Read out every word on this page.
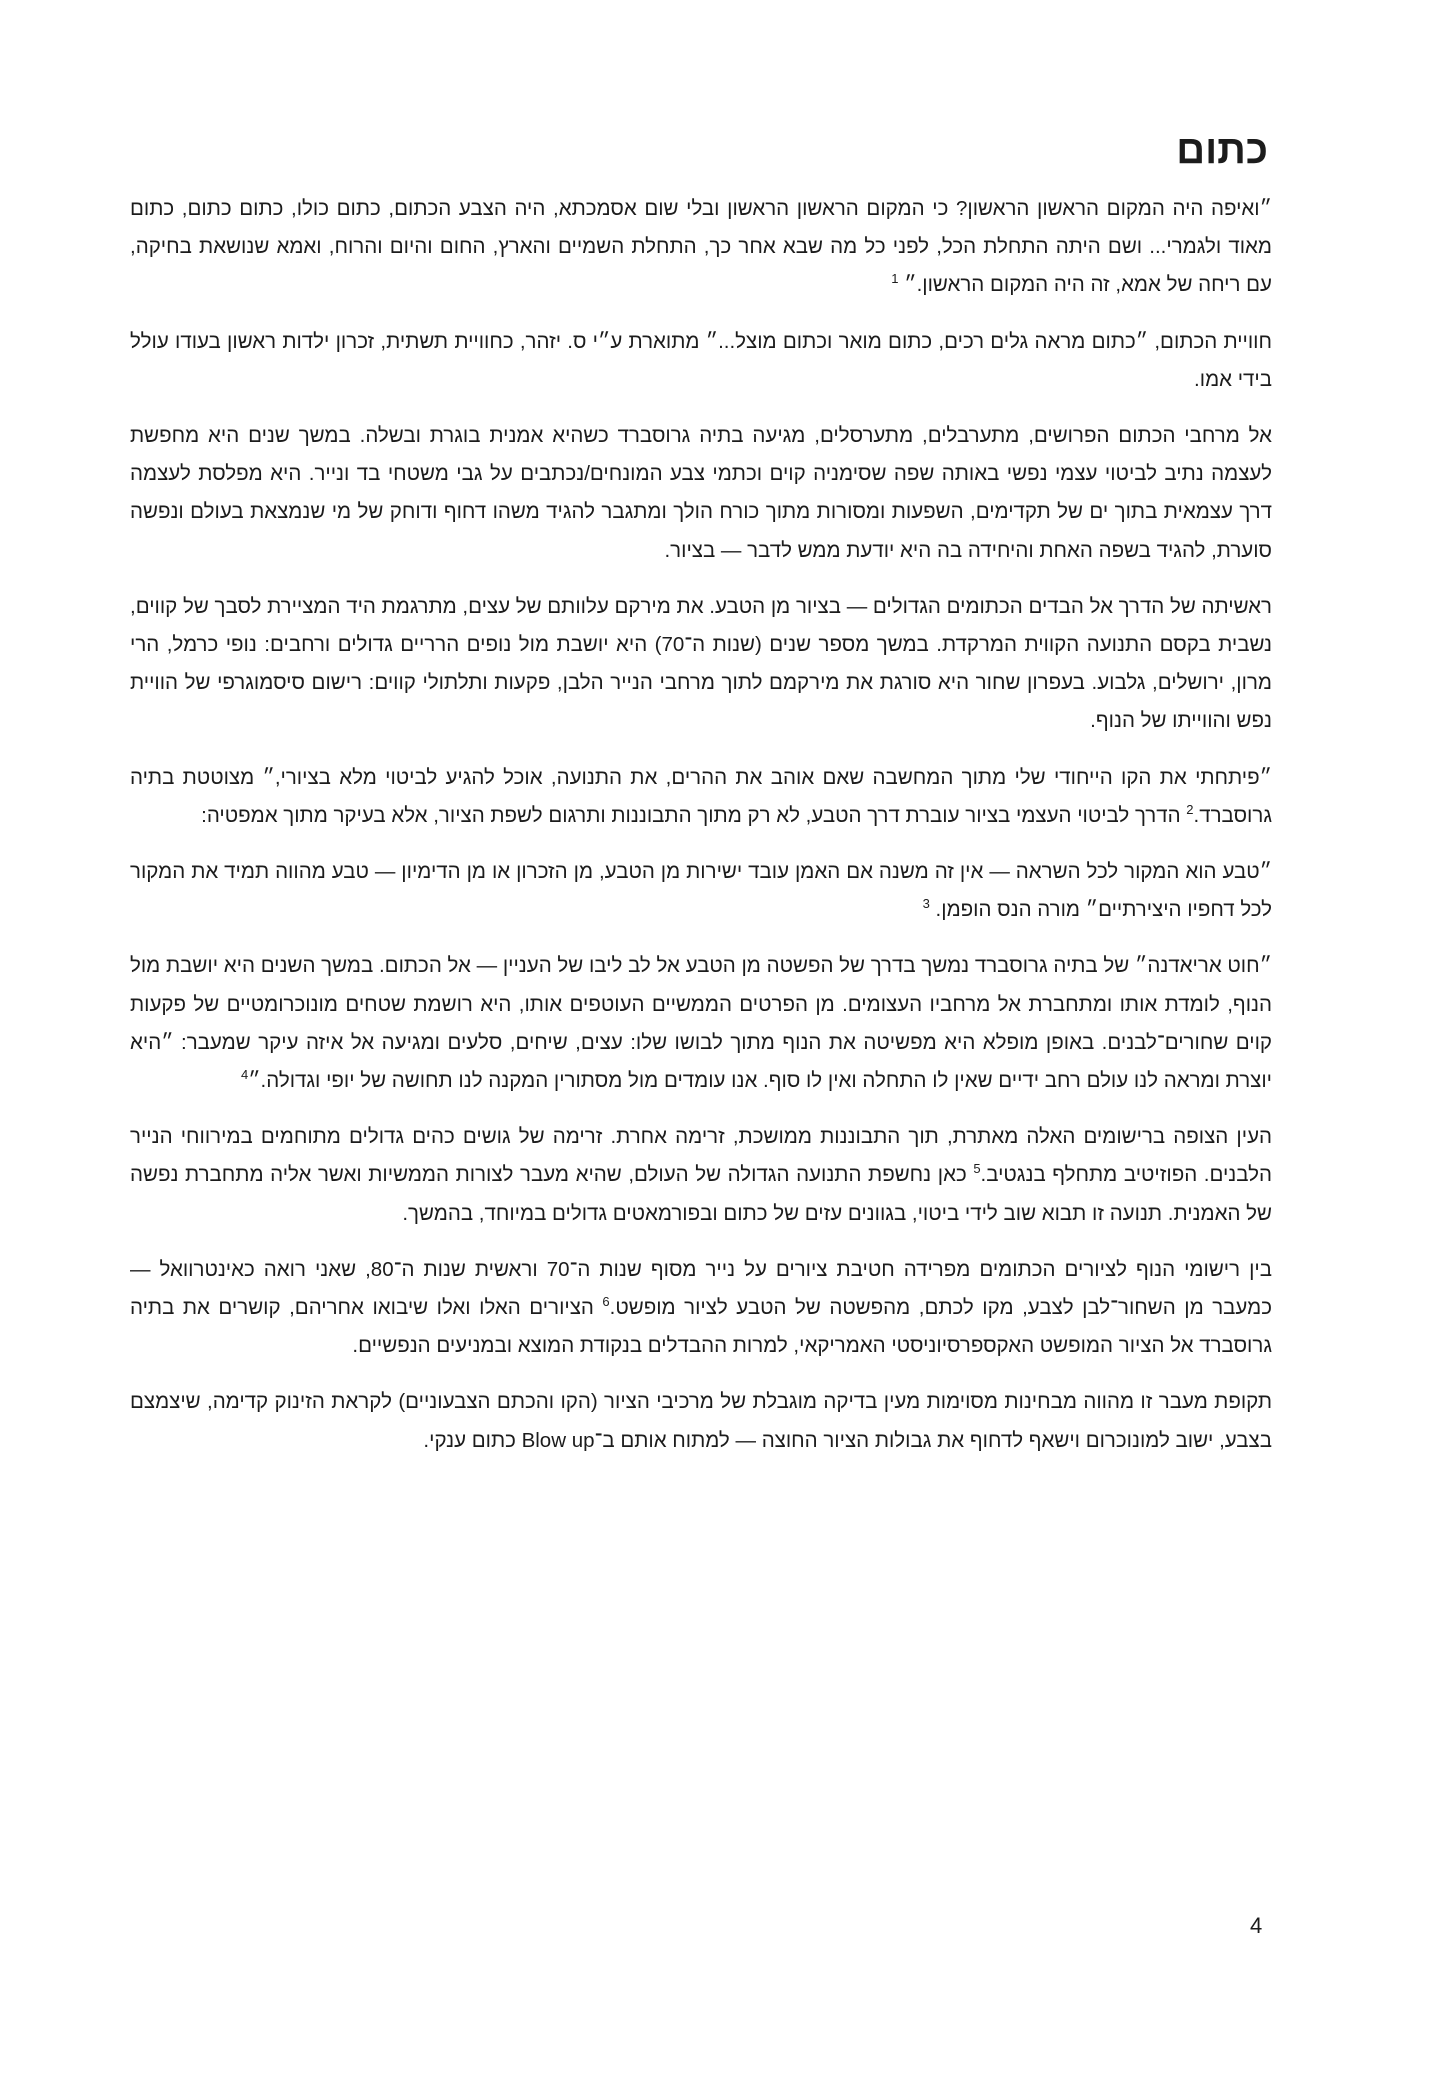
כתום

״ואיפה היה המקום הראשון הראשון? כי המקום הראשון הראשון ובלי שום אסמכתא, היה הצבע הכתום, כתום כולו, כתום כתום, כתום מאוד ולגמרי... ושם היתה התחלת הכל, לפני כל מה שבא אחר כך, התחלת השמיים והארץ, החום והיום והרוח, ואמא שנושאת בחיקה, עם ריחה של אמא, זה היה המקום הראשון.״ $^1$

חוויית הכתום, ״כתום מראה גלים רכים, כתום מואר וכתום מוצל...״ מתוארת ע״י ס. יזהר, כחוויית תשתית, זכרון ילדות ראשון בעודו עולל בידי אמו.

אל מרחבי הכתום הפרושים, מתערבלים, מתערסלים, מגיעה בתיה גרוסברד כשהיא אמנית בוגרת ובשלה. במשך שנים היא מחפשת לעצמה נתיב לביטוי עצמי נפשי באותה שפה שסימניה קוים וכתמי צבע המונחים/נכתבים על גבי משטחי בד ונייר. היא מפלסת לעצמה דרך עצמאית בתוך ים של תקדימים, השפעות ומסורות מתוך כורח הולך ומתגבר להגיד משהו דחוף ודוחק של מי שנמצאת בעולם ונפשה סוערת, להגיד בשפה האחת והיחידה בה היא יודעת ממש לדבר — בציור.

ראשיתה של הדרך אל הבדים הכתומים הגדולים — בציור מן הטבע. את מירקם עלוותם של עצים, מתרגמת היד המציירת לסבך של קווים, נשבית בקסם התנועה הקווית המרקדת. במשך מספר שנים (שנות ה־70) היא יושבת מול נופים הרריים גדולים ורחבים: נופי כרמל, הרי מרון, ירושלים, גלבוע. בעפרון שחור היא סורגת את מירקמם לתוך מרחבי הנייר הלבן, פקעות ותלתולי קווים: רישום סיסמוגרפי של הוויית נפש והווייתו של הנוף.

״פיתחתי את הקו הייחודי שלי מתוך המחשבה שאם אוהב את ההרים, את התנועה, אוכל להגיע לביטוי מלא בציורי,״ מצוטטת בתיה גרוסברד.$^2$ הדרך לביטוי העצמי בציור עוברת דרך הטבע, לא רק מתוך התבוננות ותרגום לשפת הציור, אלא בעיקר מתוך אמפטיה:

״טבע הוא המקור לכל השראה — אין זה משנה אם האמן עובד ישירות מן הטבע, מן הזכרון או מן הדימיון — טבע מהווה תמיד את המקור לכל דחפיו היצירתיים״ מורה הנס הופמן. $^3$

״חוט אריאדנה״ של בתיה גרוסברד נמשך בדרך של הפשטה מן הטבע אל לב ליבו של העניין — אל הכתום. במשך השנים היא יושבת מול הנוף, לומדת אותו ומתחברת אל מרחביו העצומים. מן הפרטים הממשיים העוטפים אותו, היא רושמת שטחים מונוכרומטיים של פקעות קוים שחורים־לבנים. באופן מופלא היא מפשיטה את הנוף מתוך לבושו שלו: עצים, שיחים, סלעים ומגיעה אל איזה עיקר שמעבר: ״היא יוצרת ומראה לנו עולם רחב ידיים שאין לו התחלה ואין לו סוף. אנו עומדים מול מסתורין המקנה לנו תחושה של יופי וגדולה.״$^4$

העין הצופה ברישומים האלה מאתרת, תוך התבוננות ממושכת, זרימה אחרת. זרימה של גושים כהים גדולים מתוחמים במירווחי הנייר הלבנים. הפוזיטיב מתחלף בנגטיב.$^5$ כאן נחשפת התנועה הגדולה של העולם, שהיא מעבר לצורות הממשיות ואשר אליה מתחברת נפשה של האמנית. תנועה זו תבוא שוב לידי ביטוי, בגוונים עזים של כתום ובפורמאטים גדולים במיוחד, בהמשך.

בין רישומי הנוף לציורים הכתומים מפרידה חטיבת ציורים על נייר מסוף שנות ה־70 וראשית שנות ה־80, שאני רואה כאינטרוואל — כמעבר מן השחור־לבן לצבע, מקו לכתם, מהפשטה של הטבע לציור מופשט.$^6$ הציורים האלו ואלו שיבואו אחריהם, קושרים את בתיה גרוסברד אל הציור המופשט האקספרסיוניסטי האמריקאי, למרות ההבדלים בנקודת המוצא ובמניעים הנפשיים.

תקופת מעבר זו מהווה מבחינות מסוימות מעין בדיקה מוגבלת של מרכיבי הציור (הקו והכתם הצבעוניים) לקראת הזינוק קדימה, שיצמצם בצבע, ישוב למונוכרום וישאף לדחוף את גבולות הציור החוצה — למתוח אותם ב־Blow up כתום ענקי.

4
